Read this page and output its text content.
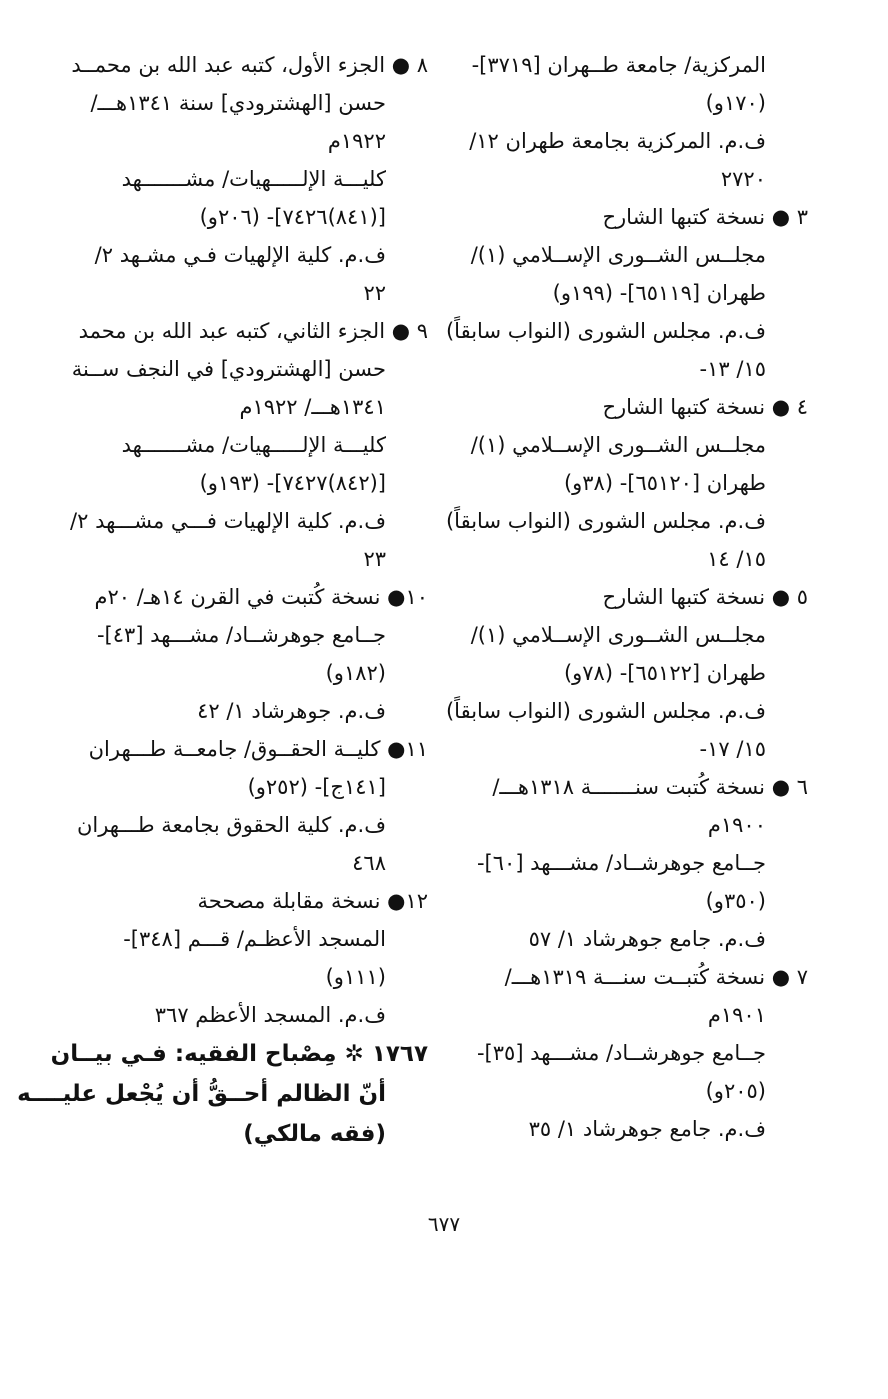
المركزية/ جامعة طــهران [٣٧١٩]-
(١٧٠و)
ف.م. المركزية بجامعة طهران ١٢/
٢٧٢٠
٣ ● نسخة كتبها الشارح
مجلــس الشــورى الإســلامي (١)/
طهران [٦٥١١٩]- (١٩٩و)
ف.م. مجلس الشورى (النواب سابقاً)
١٥/ ١٣-
٤ ● نسخة كتبها الشارح
مجلــس الشــورى الإســلامي (١)/
طهران [٦٥١٢٠]- (٣٨و)
ف.م. مجلس الشورى (النواب سابقاً)
١٥/ ١٤
٥ ● نسخة كتبها الشارح
مجلــس الشــورى الإســلامي (١)/
طهران [٦٥١٢٢]- (٧٨و)
ف.م. مجلس الشورى (النواب سابقاً)
١٥/ ١٧-
٦ ● نسخة كُتبت سنـــــــة ١٣١٨هـــ/
١٩٠٠م
جــامع جوهرشــاد/ مشـــهد [٦٠]-
(٣٥٠و)
ف.م. جامع جوهرشاد ١/ ٥٧
٧ ● نسخة كُتبــت سنـــة ١٣١٩هـــ/
١٩٠١م
جــامع جوهرشــاد/ مشـــهد [٣٥]-
(٢٠٥و)
ف.م. جامع جوهرشاد ١/ ٣٥
٨ ● الجزء الأول، كتبه عبد الله بن محمــد
حسن [الهشترودي] سنة ١٣٤١هـــ/
١٩٢٢م
كليـــة الإلـــــهيات/ مشـــــــهد
[(٨٤١)٧٤٢٦]- (٢٠٦و)
ف.م. كلية الإلهيات فـي مشـهد ٢/
٢٢
٩ ● الجزء الثاني، كتبه عبد الله بن محمد
حسن [الهشترودي] في النجف ســنة
١٣٤١هـــ/ ١٩٢٢م
كليـــة الإلـــــهيات/ مشـــــــهد
[(٨٤٢)٧٤٢٧]- (١٩٣و)
ف.م. كلية الإلهيات فـــي مشـــهد ٢/
٢٣
١٠● نسخة كُتبت في القرن ١٤هـ/ ٢٠م
جــامع جوهرشــاد/ مشـــهد [٤٣]-
(١٨٢و)
ف.م. جوهرشاد ١/ ٤٢
١١● كليــة الحقــوق/ جامعــة طـــهران
[١٤١ج]- (٢٥٢و)
ف.م. كلية الحقوق بجامعة طـــهران
٤٦٨
١٢● نسخة مقابلة مصححة
المسجد الأعظـم/ قـــم [٣٤٨]-
(١١١و)
ف.م. المسجد الأعظم ٣٦٧
١٧٦٧ ✲ مِصْباح الفقيه: فـي بيــان
أنّ الظالم أحــقُّ أن يُجْعل عليــــه
(فقه مالكي)
٦٧٧
